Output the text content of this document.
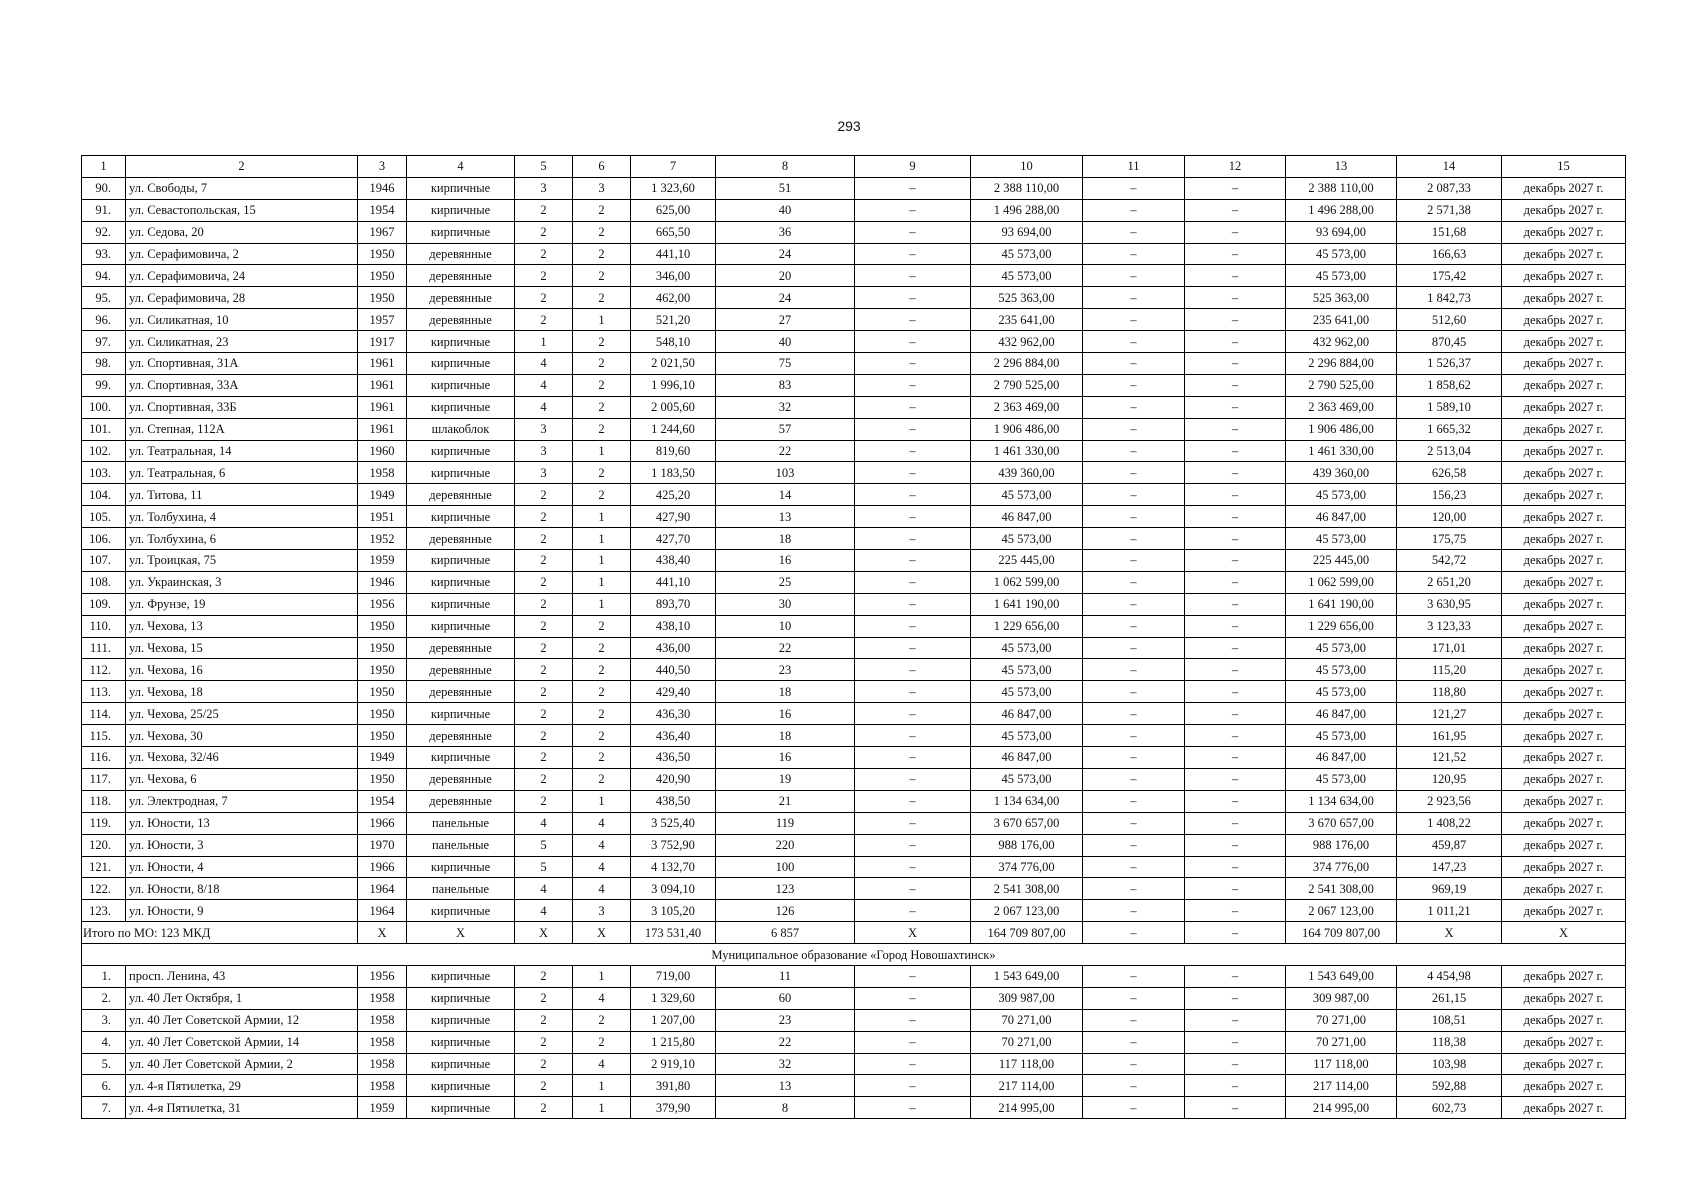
293
1	2	3	4	5	6	7	8	9	10	11	12	13	14	15
90.	ул. Свободы, 7	1946	кирпичные	3	3	1 323,60	51	–	2 388 110,00	–	–	2 388 110,00	2 087,33	декабрь 2027 г.
91.	ул. Севастопольская, 15	1954	кирпичные	2	2	625,00	40	–	1 496 288,00	–	–	1 496 288,00	2 571,38	декабрь 2027 г.
92.	ул. Седова, 20	1967	кирпичные	2	2	665,50	36	–	93 694,00	–	–	93 694,00	151,68	декабрь 2027 г.
93.	ул. Серафимовича, 2	1950	деревянные	2	2	441,10	24	–	45 573,00	–	–	45 573,00	166,63	декабрь 2027 г.
94.	ул. Серафимовича, 24	1950	деревянные	2	2	346,00	20	–	45 573,00	–	–	45 573,00	175,42	декабрь 2027 г.
95.	ул. Серафимовича, 28	1950	деревянные	2	2	462,00	24	–	525 363,00	–	–	525 363,00	1 842,73	декабрь 2027 г.
96.	ул. Силикатная, 10	1957	деревянные	2	1	521,20	27	–	235 641,00	–	–	235 641,00	512,60	декабрь 2027 г.
97.	ул. Силикатная, 23	1917	кирпичные	1	2	548,10	40	–	432 962,00	–	–	432 962,00	870,45	декабрь 2027 г.
98.	ул. Спортивная, 31А	1961	кирпичные	4	2	2 021,50	75	–	2 296 884,00	–	–	2 296 884,00	1 526,37	декабрь 2027 г.
99.	ул. Спортивная, 33А	1961	кирпичные	4	2	1 996,10	83	–	2 790 525,00	–	–	2 790 525,00	1 858,62	декабрь 2027 г.
100.	ул. Спортивная, 33Б	1961	кирпичные	4	2	2 005,60	32	–	2 363 469,00	–	–	2 363 469,00	1 589,10	декабрь 2027 г.
101.	ул. Степная, 112А	1961	шлакоблок	3	2	1 244,60	57	–	1 906 486,00	–	–	1 906 486,00	1 665,32	декабрь 2027 г.
102.	ул. Театральная, 14	1960	кирпичные	3	1	819,60	22	–	1 461 330,00	–	–	1 461 330,00	2 513,04	декабрь 2027 г.
103.	ул. Театральная, 6	1958	кирпичные	3	2	1 183,50	103	–	439 360,00	–	–	439 360,00	626,58	декабрь 2027 г.
104.	ул. Титова, 11	1949	деревянные	2	2	425,20	14	–	45 573,00	–	–	45 573,00	156,23	декабрь 2027 г.
105.	ул. Толбухина, 4	1951	кирпичные	2	1	427,90	13	–	46 847,00	–	–	46 847,00	120,00	декабрь 2027 г.
106.	ул. Толбухина, 6	1952	деревянные	2	1	427,70	18	–	45 573,00	–	–	45 573,00	175,75	декабрь 2027 г.
107.	ул. Троицкая, 75	1959	кирпичные	2	1	438,40	16	–	225 445,00	–	–	225 445,00	542,72	декабрь 2027 г.
108.	ул. Украинская, 3	1946	кирпичные	2	1	441,10	25	–	1 062 599,00	–	–	1 062 599,00	2 651,20	декабрь 2027 г.
109.	ул. Фрунзе, 19	1956	кирпичные	2	1	893,70	30	–	1 641 190,00	–	–	1 641 190,00	3 630,95	декабрь 2027 г.
110.	ул. Чехова, 13	1950	кирпичные	2	2	438,10	10	–	1 229 656,00	–	–	1 229 656,00	3 123,33	декабрь 2027 г.
111.	ул. Чехова, 15	1950	деревянные	2	2	436,00	22	–	45 573,00	–	–	45 573,00	171,01	декабрь 2027 г.
112.	ул. Чехова, 16	1950	деревянные	2	2	440,50	23	–	45 573,00	–	–	45 573,00	115,20	декабрь 2027 г.
113.	ул. Чехова, 18	1950	деревянные	2	2	429,40	18	–	45 573,00	–	–	45 573,00	118,80	декабрь 2027 г.
114.	ул. Чехова, 25/25	1950	кирпичные	2	2	436,30	16	–	46 847,00	–	–	46 847,00	121,27	декабрь 2027 г.
115.	ул. Чехова, 30	1950	деревянные	2	2	436,40	18	–	45 573,00	–	–	45 573,00	161,95	декабрь 2027 г.
116.	ул. Чехова, 32/46	1949	кирпичные	2	2	436,50	16	–	46 847,00	–	–	46 847,00	121,52	декабрь 2027 г.
117.	ул. Чехова, 6	1950	деревянные	2	2	420,90	19	–	45 573,00	–	–	45 573,00	120,95	декабрь 2027 г.
118.	ул. Электродная, 7	1954	деревянные	2	1	438,50	21	–	1 134 634,00	–	–	1 134 634,00	2 923,56	декабрь 2027 г.
119.	ул. Юности, 13	1966	панельные	4	4	3 525,40	119	–	3 670 657,00	–	–	3 670 657,00	1 408,22	декабрь 2027 г.
120.	ул. Юности, 3	1970	панельные	5	4	3 752,90	220	–	988 176,00	–	–	988 176,00	459,87	декабрь 2027 г.
121.	ул. Юности, 4	1966	кирпичные	5	4	4 132,70	100	–	374 776,00	–	–	374 776,00	147,23	декабрь 2027 г.
122.	ул. Юности, 8/18	1964	панельные	4	4	3 094,10	123	–	2 541 308,00	–	–	2 541 308,00	969,19	декабрь 2027 г.
123.	ул. Юности, 9	1964	кирпичные	4	3	3 105,20	126	–	2 067 123,00	–	–	2 067 123,00	1 011,21	декабрь 2027 г.
Итого по МО: 123 МКД		X	X	X	X	173 531,40	6 857	X	164 709 807,00	–	–	164 709 807,00	X	X
Муниципальное образование «Город Новошахтинск»														
1.	просп. Ленина, 43	1956	кирпичные	2	1	719,00	11	–	1 543 649,00	–	–	1 543 649,00	4 454,98	декабрь 2027 г.
2.	ул. 40 Лет Октября, 1	1958	кирпичные	2	4	1 329,60	60	–	309 987,00	–	–	309 987,00	261,15	декабрь 2027 г.
3.	ул. 40 Лет Советской Армии, 12	1958	кирпичные	2	2	1 207,00	23	–	70 271,00	–	–	70 271,00	108,51	декабрь 2027 г.
4.	ул. 40 Лет Советской Армии, 14	1958	кирпичные	2	2	1 215,80	22	–	70 271,00	–	–	70 271,00	118,38	декабрь 2027 г.
5.	ул. 40 Лет Советской Армии, 2	1958	кирпичные	2	4	2 919,10	32	–	117 118,00	–	–	117 118,00	103,98	декабрь 2027 г.
6.	ул. 4-я Пятилетка, 29	1958	кирпичные	2	1	391,80	13	–	217 114,00	–	–	217 114,00	592,88	декабрь 2027 г.
7.	ул. 4-я Пятилетка, 31	1959	кирпичные	2	1	379,90	8	–	214 995,00	–	–	214 995,00	602,73	декабрь 2027 г.
